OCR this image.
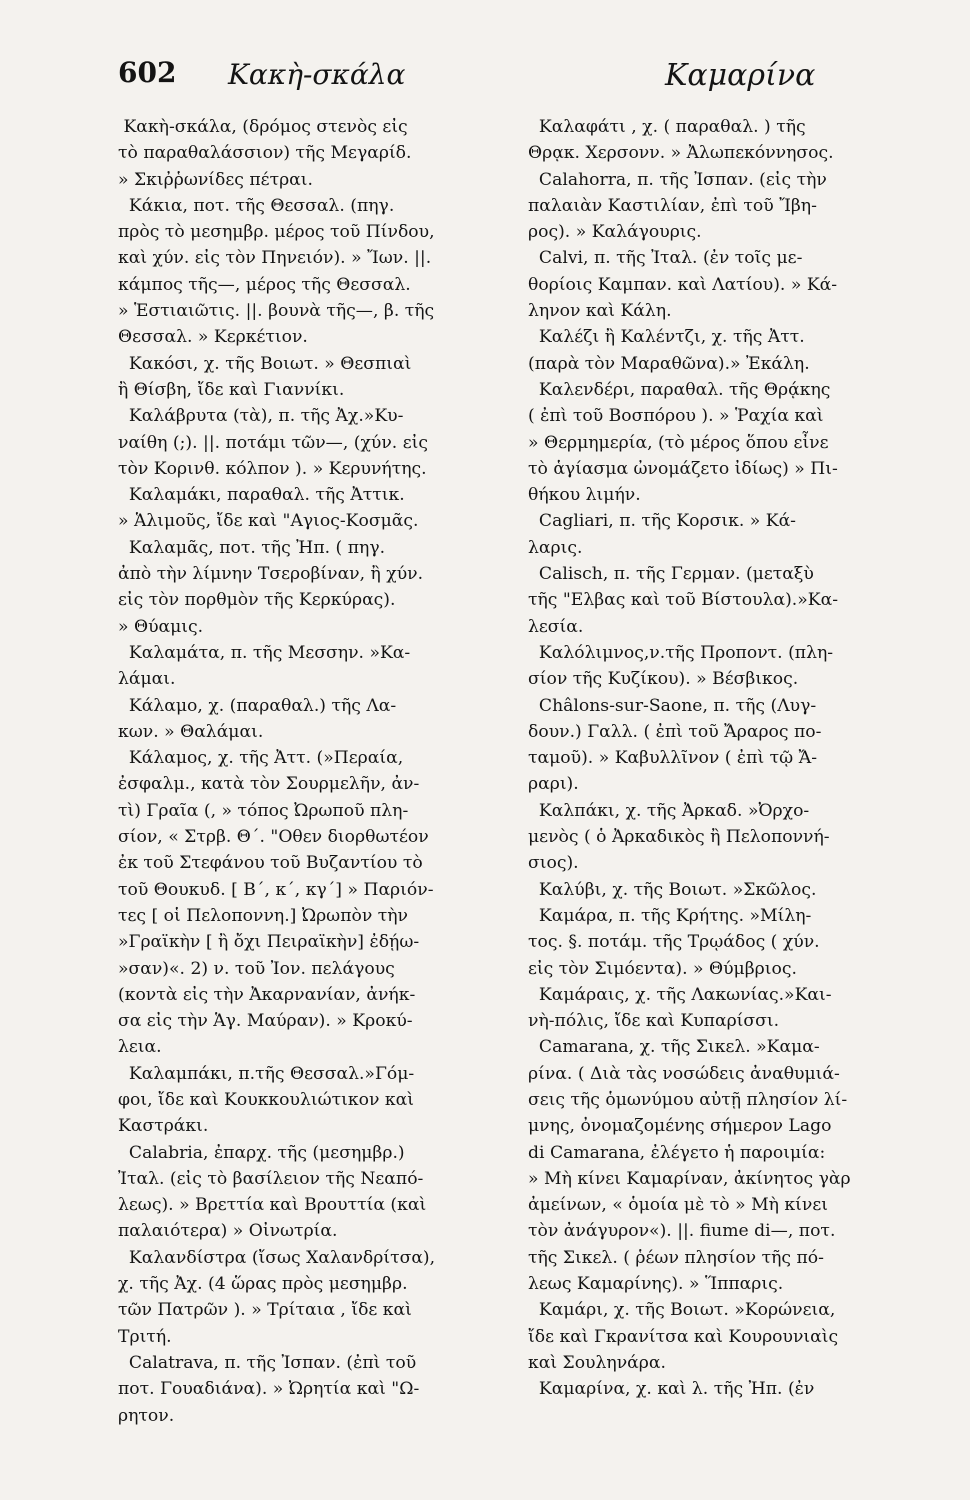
602 Κακὴ-σκάλα	Καμαρίνα
Κακὴ-σκάλα, (δρόμος στενὸς εἰς
τὸ παραθαλάσσιον) τῆς Μεγαρίδ.
» Σκιῤῥωνίδες πέτραι.
Κάκια, ποτ. τῆς Θεσσαλ. (πηγ.
πρὸς τὸ μεσημβρ. μέρος τοῦ Πίνδου,
καὶ χύν. εἰς τὸν Πηνειόν). » Ἴων. ||.
κάμπος τῆς—, μέρος τῆς Θεσσαλ.
» Ἑστιαιῶτις. ||. βουνὰ τῆς—, β. τῆς
Θεσσαλ. » Κερκέτιον.
Κακόσι, χ. τῆς Βοιωτ. » Θεσπιαὶ
ἢ Θίσβη, ἴδε καὶ Γιαννίκι.
Καλάβρυτα (τὰ), π. τῆς Ἀχ.»Κυ-
ναίθη (;). ||. ποτάμι τῶν—, (χύν. εἰς
τὸν Κορινθ. κόλπον ). » Κερυνήτης.
Καλαμάκι, παραθαλ. τῆς Ἀττικ.
» Ἁλιμοῦς, ἴδε καὶ "Αγιος-Κοσμᾶς.
Καλαμᾶς, ποτ. τῆς Ἠπ. ( πηγ.
ἀπὸ τὴν λίμνην Τσεροβίναν, ἢ χύν.
εἰς τὸν πορθμὸν τῆς Κερκύρας).
» Θύαμις.
Καλαμάτα, π. τῆς Μεσσην. »Κα-
λάμαι.
Κάλαμο, χ. (παραθαλ.) τῆς Λα-
κων. » Θαλάμαι.
Κάλαμος, χ. τῆς Ἀττ. (»Περαία,
ἐσφαλμ., κατὰ τὸν Σουρμελῆν, ἀν-
τὶ) Γραῖα (, » τόπος Ὠρωποῦ πλη-
σίον, « Στρβ. Θ΄. "Οθεν διορθωτέον
ἐκ τοῦ Στεφάνου τοῦ Βυζαντίου τὸ
τοῦ Θουκυδ. [ Β΄, κ΄, κγ΄] » Παριόν-
τες [ οἱ Πελοποννη.] Ὠρωπὸν τὴν
»Γραϊκὴν [ ἢ ὄχι Πειραϊκὴν] ἐδῄω-
»σαν)«. 2) ν. τοῦ Ἰον. πελάγους
(κοντὰ εἰς τὴν Ἀκαρνανίαν, ἀνήκ-
σα εἰς τὴν Ἁγ. Μαύραν). » Κροκύ-
λεια.
Καλαμπάκι, π.τῆς Θεσσαλ.»Γόμ-
φοι, ἴδε καὶ Κουκκουλιώτικον καὶ
Καστράκι.
Calabria, ἐπαρχ. τῆς (μεσημβρ.)
Ἰταλ. (εἰς τὸ βασίλειον τῆς Νεαπό-
λεως). » Βρεττία καὶ Βρουττία (καὶ
παλαιότερα) » Οἰνωτρία.
Καλανδίστρα (ἴσως Χαλανδρίτσα),
χ. τῆς Ἀχ. (4 ὥρας πρὸς μεσημβρ.
τῶν Πατρῶν ). » Τρίταια , ἴδε καὶ
Τριτή.
Calatrava, π. τῆς Ἰσπαν. (ἐπὶ τοῦ
ποτ. Γουαδιάνα). » Ὠρητία καὶ "Ω-
ρητον.
Καλαφάτι , χ. ( παραθαλ. ) τῆς
Θρᾳκ. Χερσονν. » Ἀλωπεκόννησος.
Calahorra, π. τῆς Ἰσπαν. (εἰς τὴν
παλαιὰν Καστιλίαν, ἐπὶ τοῦ Ἴβη-
ρος). » Καλάγουρις.
Calvi, π. τῆς Ἰταλ. (ἐν τοῖς με-
θορίοις Καμπαν. καὶ Λατίου). » Κά-
ληνον καὶ Κάλη.
Καλέζι ἢ Καλέντζι, χ. τῆς Ἀττ.
(παρὰ τὸν Μαραθῶνα).» Ἐκάλη.
Καλενδέρι, παραθαλ. τῆς Θρᾴκης
( ἐπὶ τοῦ Βοσπόρου ). » Ῥαχία καὶ
» Θερμημερία, (τὸ μέρος ὅπου εἶνε
τὸ ἁγίασμα ὠνομάζετο ἰδίως) » Πι-
θήκου λιμήν.
Cagliari, π. τῆς Κορσικ. » Κά-
λαρις.
Calisch, π. τῆς Γερμαν. (μεταξὺ
τῆς "Ελβας καὶ τοῦ Βίστουλα).»Κα-
λεσία.
Καλόλιμνος,ν.τῆς Προποντ. (πλη-
σίον τῆς Κυζίκου). » Βέσβικος.
Châlons-sur-Saone, π. τῆς (Λυγ-
δουν.) Γαλλ. ( ἐπὶ τοῦ Ἄραρος πο-
ταμοῦ). » Καβυλλῖνον ( ἐπὶ τῷ Ἄ-
ραρι).
Καλπάκι, χ. τῆς Ἀρκαδ. »Ὀρχο-
μενὸς ( ὁ Ἀρκαδικὸς ἢ Πελοποννή-
σιος).
Καλύβι, χ. τῆς Βοιωτ. »Σκῶλος.
Καμάρα, π. τῆς Κρήτης. »Μίλη-
τος. §. ποτάμ. τῆς Τρῳάδος ( χύν.
εἰς τὸν Σιμόεντα). » Θύμβριος.
Καμάραις, χ. τῆς Λακωνίας.»Και-
νὴ-πόλις, ἴδε καὶ Κυπαρίσσι.
Camarana, χ. τῆς Σικελ. »Καμα-
ρίνα. ( Διὰ τὰς νοσώδεις ἀναθυμιά-
σεις τῆς ὁμωνύμου αὐτῇ πλησίον λί-
μνης, ὀνομαζομένης σήμερον Lago
di Camarana, ἐλέγετο ἡ παροιμία:
» Μὴ κίνει Καμαρίναν, ἀκίνητος γὰρ
ἀμείνων, « ὁμοία μὲ τὸ » Μὴ κίνει
τὸν ἀνάγυρον«). ||. fiume di—, ποτ.
τῆς Σικελ. ( ῥέων πλησίον τῆς πό-
λεως Καμαρίνης). » Ἵππαρις.
Καμάρι, χ. τῆς Βοιωτ. »Κορώνεια,
ἴδε καὶ Γκρανίτσα καὶ Κουρουνιαὶς
καὶ Σουληνάρα.
Καμαρίνα, χ. καὶ λ. τῆς Ἠπ. (ἐν
